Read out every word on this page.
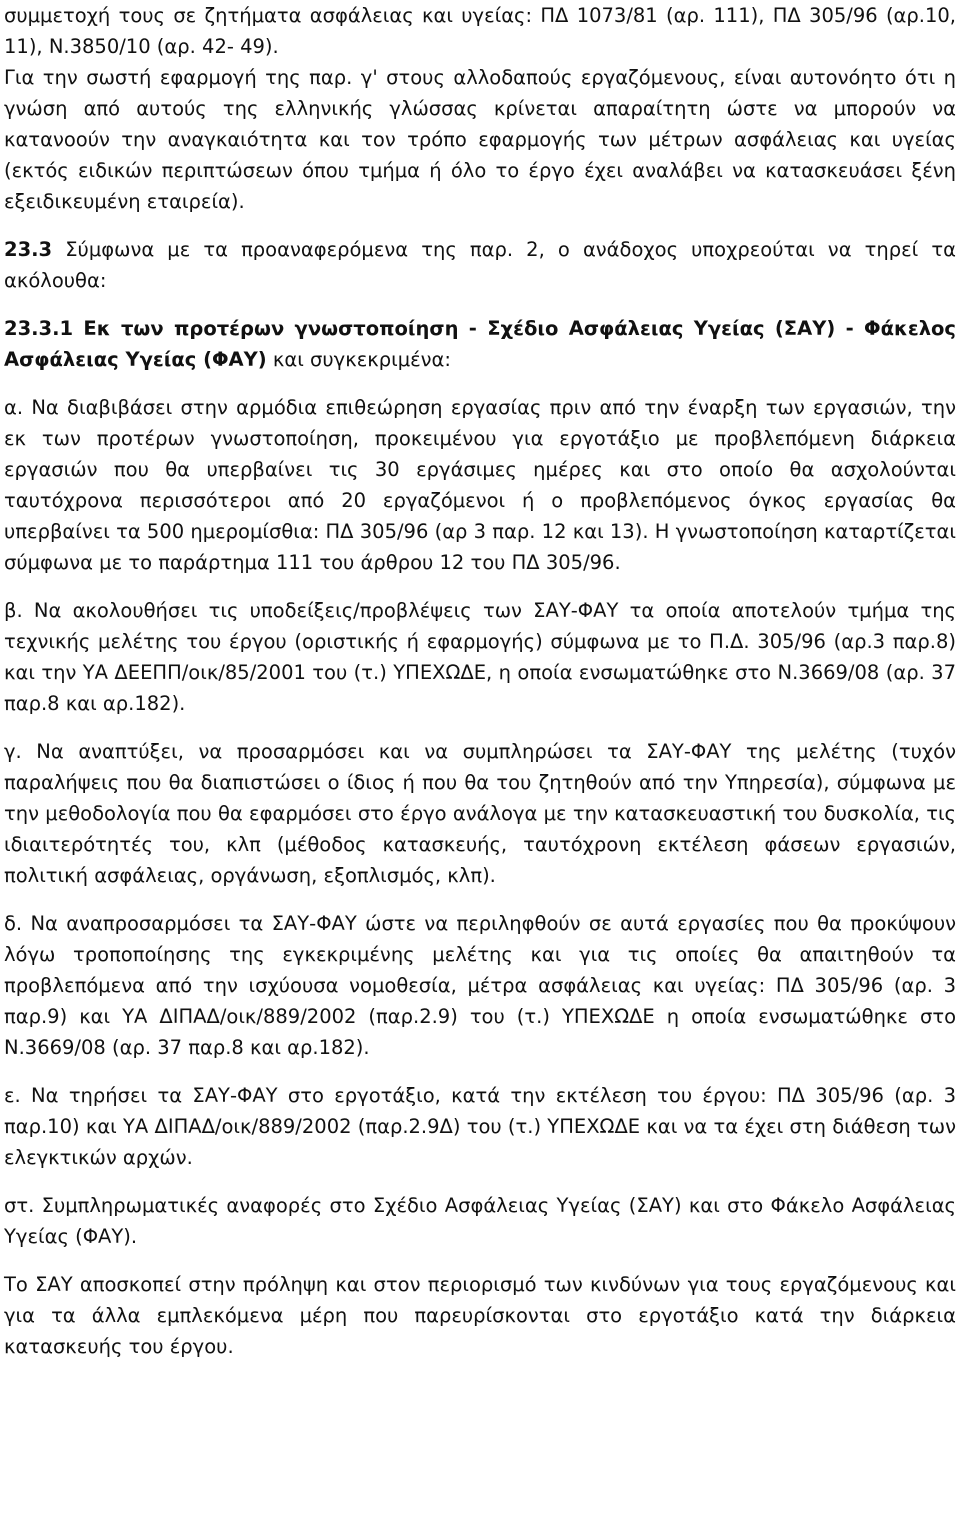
συμμετοχή τους σε ζητήματα ασφάλειας και υγείας: ΠΔ 1073/81 (αρ. 111), ΠΔ 305/96 (αρ.10, 11), Ν.3850/10 (αρ. 42- 49).

Για την σωστή εφαρμογή της παρ. γ' στους αλλοδαπούς εργαζόμενους, είναι αυτονόητο ότι η γνώση από αυτούς της ελληνικής γλώσσας κρίνεται απαραίτητη ώστε να μπορούν να κατανοούν την αναγκαιότητα και τον τρόπο εφαρμογής των μέτρων ασφάλειας και υγείας (εκτός ειδικών περιπτώσεων όπου τμήμα ή όλο το έργο έχει αναλάβει να κατασκευάσει ξένη εξειδικευμένη εταιρεία).

23.3 Σύμφωνα με τα προαναφερόμενα της παρ. 2, ο ανάδοχος υποχρεούται να τηρεί τα ακόλουθα:

23.3.1 Εκ των προτέρων γνωστοποίηση - Σχέδιο Ασφάλειας Υγείας (ΣΑΥ) - Φάκελος Ασφάλειας Υγείας (ΦΑΥ) και συγκεκριμένα:

α. Να διαβιβάσει στην αρμόδια επιθεώρηση εργασίας πριν από την έναρξη των εργασιών, την εκ των προτέρων γνωστοποίηση, προκειμένου για εργοτάξιο με προβλεπόμενη διάρκεια εργασιών που θα υπερβαίνει τις 30 εργάσιμες ημέρες και στο οποίο θα ασχολούνται ταυτόχρονα περισσότεροι από 20 εργαζόμενοι ή ο προβλεπόμενος όγκος εργασίας θα υπερβαίνει τα 500 ημερομίσθια: ΠΔ 305/96 (αρ 3 παρ. 12 και 13). Η γνωστοποίηση καταρτίζεται σύμφωνα με το παράρτημα 111 του άρθρου 12 του ΠΔ 305/96.

β. Να ακολουθήσει τις υποδείξεις/προβλέψεις των ΣΑΥ-ΦΑΥ τα οποία αποτελούν τμήμα της τεχνικής μελέτης του έργου (οριστικής ή εφαρμογής) σύμφωνα με το Π.Δ. 305/96 (αρ.3 παρ.8) και την ΥΑ ΔΕΕΠΠ/οικ/85/2001 του (τ.) ΥΠΕΧΩΔΕ, η οποία ενσωματώθηκε στο Ν.3669/08 (αρ. 37 παρ.8 και αρ.182).

γ. Να αναπτύξει, να προσαρμόσει και να συμπληρώσει τα ΣΑΥ-ΦΑΥ της μελέτης (τυχόν παραλήψεις που θα διαπιστώσει ο ίδιος ή που θα του ζητηθούν από την Υπηρεσία), σύμφωνα με την μεθοδολογία που θα εφαρμόσει στο έργο ανάλογα με την κατασκευαστική του δυσκολία, τις ιδιαιτερότητές του, κλπ (μέθοδος κατασκευής, ταυτόχρονη εκτέλεση φάσεων εργασιών, πολιτική ασφάλειας, οργάνωση, εξοπλισμός, κλπ).

δ. Να αναπροσαρμόσει τα ΣΑΥ-ΦΑΥ ώστε να περιληφθούν σε αυτά εργασίες που θα προκύψουν λόγω τροποποίησης της εγκεκριμένης μελέτης και για τις οποίες θα απαιτηθούν τα προβλεπόμενα από την ισχύουσα νομοθεσία, μέτρα ασφάλειας και υγείας: ΠΔ 305/96 (αρ. 3 παρ.9) και ΥΑ ΔΙΠΑΔ/οικ/889/2002 (παρ.2.9) του (τ.) ΥΠΕΧΩΔΕ η οποία ενσωματώθηκε στο Ν.3669/08 (αρ. 37 παρ.8 και αρ.182).

ε. Να τηρήσει τα ΣΑΥ-ΦΑΥ στο εργοτάξιο, κατά την εκτέλεση του έργου: ΠΔ 305/96 (αρ. 3 παρ.10) και ΥΑ ΔΙΠΑΔ/οικ/889/2002 (παρ.2.9Δ) του (τ.) ΥΠΕΧΩΔΕ και να τα έχει στη διάθεση των ελεγκτικών αρχών.

στ. Συμπληρωματικές αναφορές στο Σχέδιο Ασφάλειας Υγείας (ΣΑΥ) και στο Φάκελο Ασφάλειας Υγείας (ΦΑΥ).

Το ΣΑΥ αποσκοπεί στην πρόληψη και στον περιορισμό των κινδύνων για τους εργαζόμενους και για τα άλλα εμπλεκόμενα μέρη που παρευρίσκονται στο εργοτάξιο κατά την διάρκεια κατασκευής του έργου.
